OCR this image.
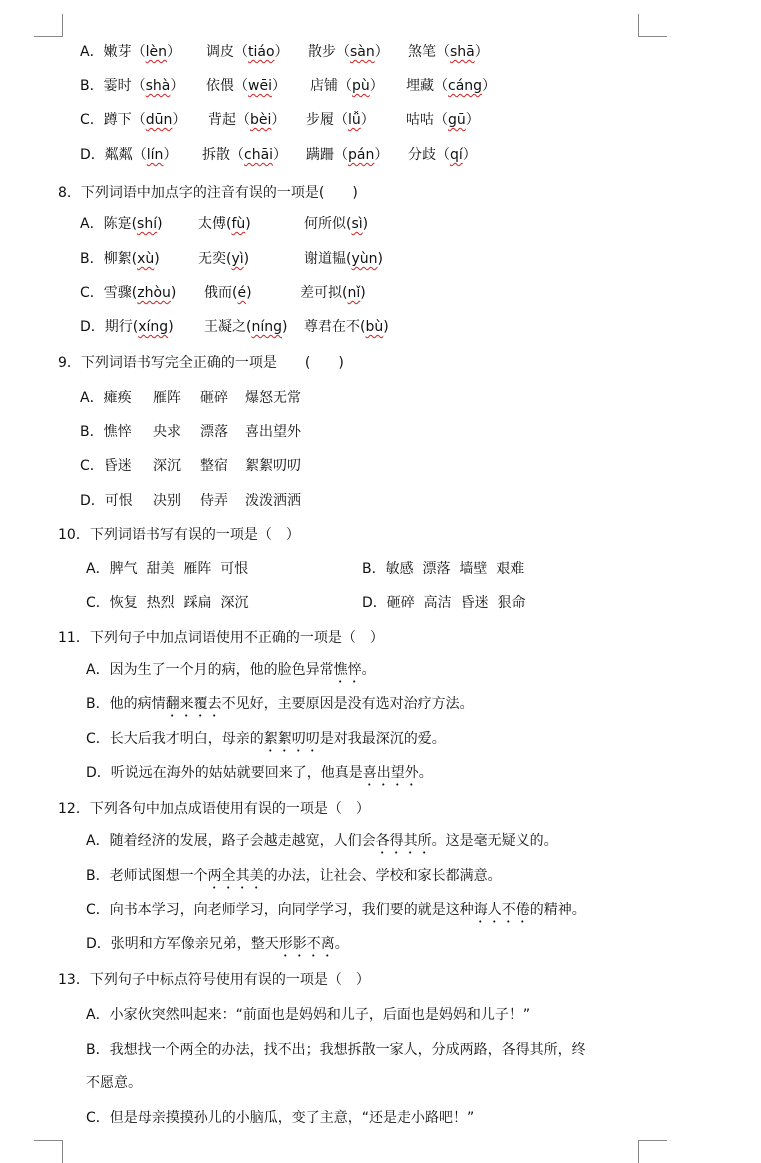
A．嫩芽（lèn） 调皮（tiáo） 散步（sàn） 煞笔（shā）
B．霎时（shà） 依偎（wēi） 店铺（pù） 埋藏（cáng）
C．蹲下（dūn） 背起（bèi） 步履（lǚ） 咕咕（gū）
D．粼粼（lín） 拆散（chāi） 蹒跚（pán） 分歧（qí）
8．下列词语中加点字的注音有误的一项是(　　)
A．陈寔(shí)	太傅(fù)	何所似(sì)
B．柳絮(xù)	无奕(yì)	谢道韫(yùn)
C．雪骤(zhòu) 俄而(é)	差可拟(nǐ)
D．期行(xíng) 王凝之(níng) 尊君在不(bù)
9．下列词语书写完全正确的一项是　　(　　)
A．瘫痪 雁阵 砸碎 爆怒无常
B．憔悴 央求 漂落 喜出望外
C．昏迷 深沉 整宿 絮絮叨叨
D．可恨 决别 侍弄 泼泼洒洒
10．下列词语书写有误的一项是（　）
A．脾气  甜美  雁阵  可恨	B．敏感  漂落  墙壁  艰难
C．恢复  热烈  踩扁  深沉	D．砸碎  高洁  昏迷  狠命
11．下列句子中加点词语使用不正确的一项是（　）
A．因为生了一个月的病，他的脸色异常憔悴。
B．他的病情翻来覆去不见好，主要原因是没有选对治疗方法。
C．长大后我才明白，母亲的絮絮叨叨是对我最深沉的爱。
D．听说远在海外的姑姑就要回来了，他真是喜出望外。
12．下列各句中加点成语使用有误的一项是（　）
A．随着经济的发展，路子会越走越宽，人们会各得其所。这是毫无疑义的。
B．老师试图想一个两全其美的办法，让社会、学校和家长都满意。
C．向书本学习，向老师学习，向同学学习，我们要的就是这种诲人不倦的精神。
D．张明和方军像亲兄弟，整天形影不离。
13．下列句子中标点符号使用有误的一项是（　）
A．小家伙突然叫起来：“前面也是妈妈和儿子，后面也是妈妈和儿子！”
B．我想找一个两全的办法，找不出；我想拆散一家人，分成两路，各得其所，终
不愿意。
C．但是母亲摸摸孙儿的小脑瓜，变了主意，“还是走小路吧！”
